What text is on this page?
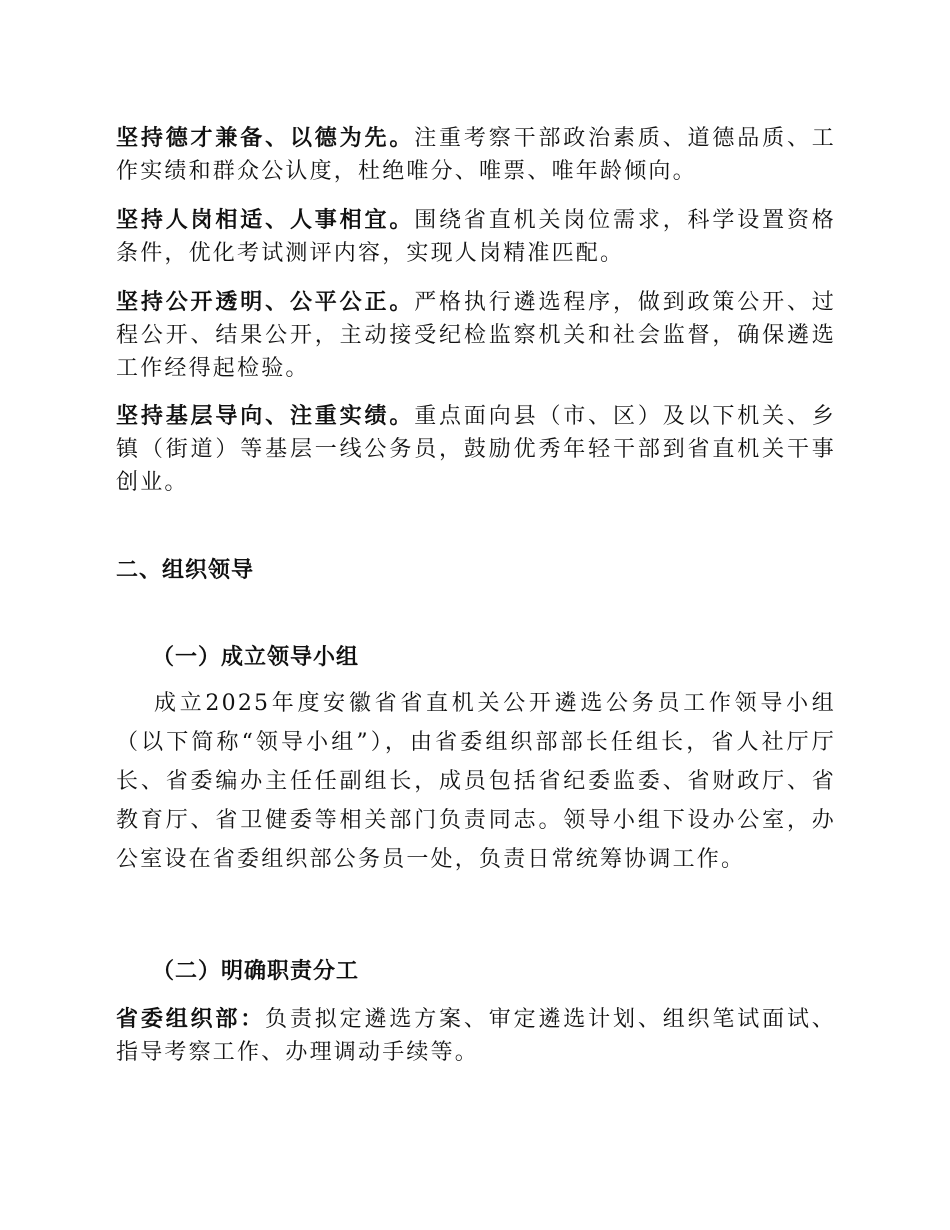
坚持德才兼备、以德为先。注重考察干部政治素质、道德品质、工作实绩和群众公认度，杜绝唯分、唯票、唯年龄倾向。
坚持人岗相适、人事相宜。围绕省直机关岗位需求，科学设置资格条件，优化考试测评内容，实现人岗精准匹配。
坚持公开透明、公平公正。严格执行遴选程序，做到政策公开、过程公开、结果公开，主动接受纪检监察机关和社会监督，确保遴选工作经得起检验。
坚持基层导向、注重实绩。重点面向县（市、区）及以下机关、乡镇（街道）等基层一线公务员，鼓励优秀年轻干部到省直机关干事创业。
二、组织领导
（一）成立领导小组
成立2025年度安徽省省直机关公开遴选公务员工作领导小组（以下简称“领导小组”），由省委组织部部长任组长，省人社厅厅长、省委编办主任任副组长，成员包括省纪委监委、省财政厅、省教育厅、省卫健委等相关部门负责同志。领导小组下设办公室，办公室设在省委组织部公务员一处，负责日常统筹协调工作。
（二）明确职责分工
省委组织部：负责拟定遴选方案、审定遴选计划、组织笔试面试、指导考察工作、办理调动手续等。
